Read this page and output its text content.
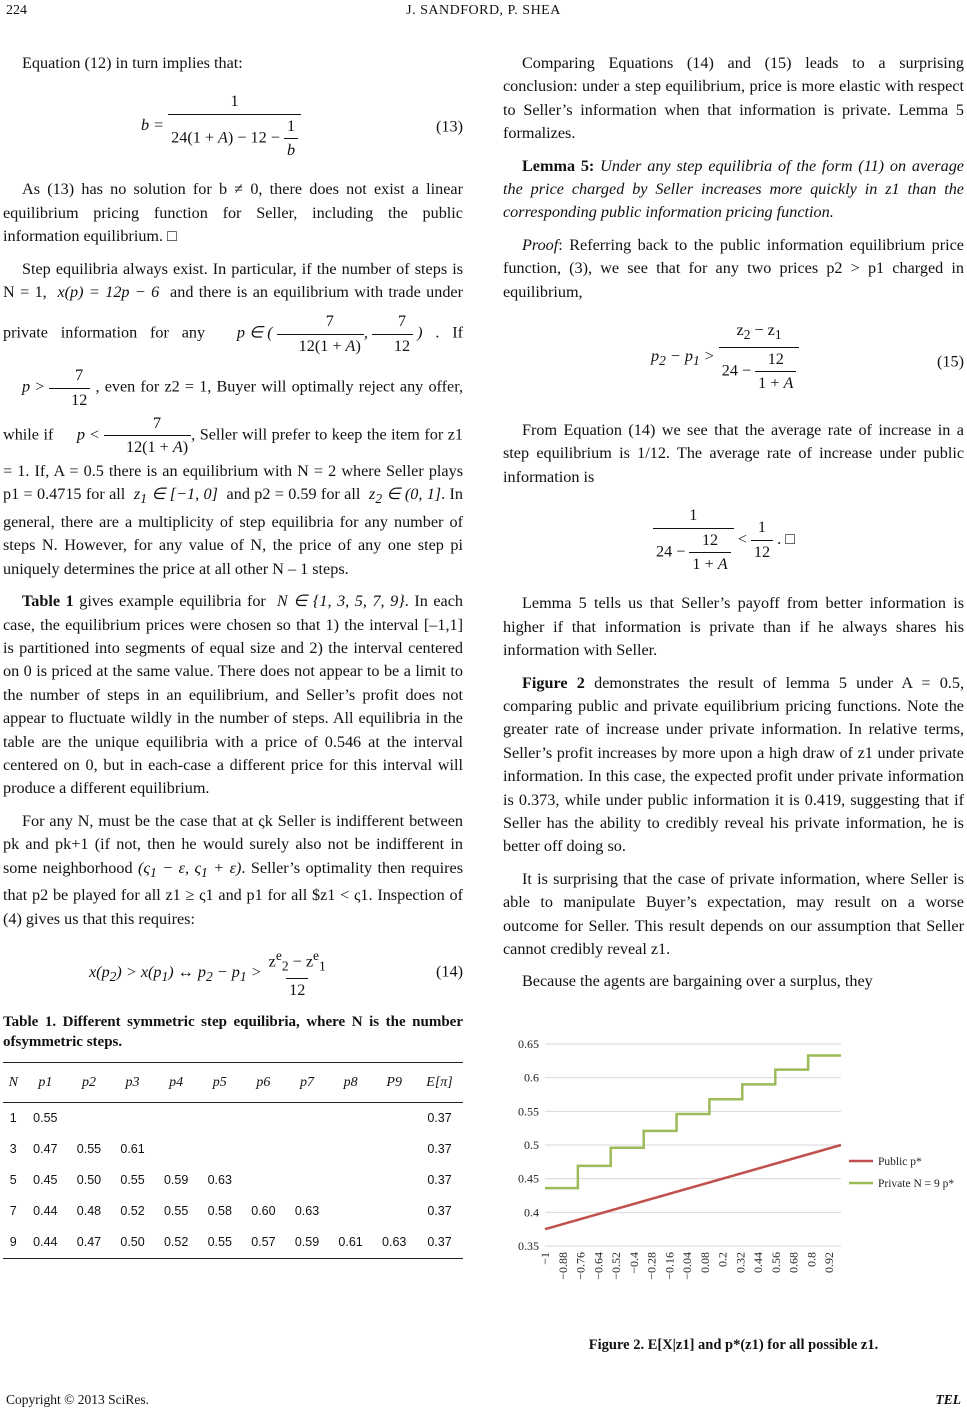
224	J. SANDFORD, P. SHEA

Equation (12) in turn implies that:

$b = \frac{1}{24(1 + A) - 12 - \frac{1}{b}}$	(13)

As (13) has no solution for b ≠ 0, there does not exist a linear equilibrium pricing function for Seller, including the public information equilibrium. □

Step equilibria always exist. In particular, if the number of steps is N = 1,  x(p) = 12p − 6  and there is an equilibrium with trade under private information for any p ∈ ( $\frac{7}{12(1 + A)}$ , $\frac{7}{12}$ ) . If $p > \frac{7}{12}$ , even for z2 = 1, Buyer will optimally reject any offer, while if $p < \frac{7}{12(1 + A)}$ , Seller will prefer to keep the item for z1 = 1. If, A = 0.5 there is an equilibrium with N = 2 where Seller plays p1 = 0.4715 for all  $z_1$ ∈ [−1, 0]  and p2 = 0.59 for all  $z_2$ ∈ (0, 1]. In general, there are a multiplicity of step equilibria for any number of steps N. However, for any value of N, the price of any one step pi uniquely determines the price at all other N – 1 steps.

Table 1 gives example equilibria for  N ∈ {1, 3, 5, 7, 9}. In each case, the equilibrium prices were chosen so that 1) the interval [–1,1] is partitioned into segments of equal size and 2) the interval centered on 0 is priced at the same value. There does not appear to be a limit to the number of steps in an equilibrium, and Seller’s profit does not appear to fluctuate wildly in the number of steps. All equilibria in the table are the unique equilibria with a price of 0.546 at the interval centered on 0, but in each-case a different price for this interval will produce a different equilibrium.

For any N, must be the case that at ςk Seller is indifferent between pk and pk+1 (if not, then he would surely also not be indifferent in some neighborhood ($\varsigma_1 - \varepsilon$, $\varsigma_1 + \varepsilon$). Seller’s optimality then requires that p2 be played for all z1 ≥ ς1 and p1 for all $z1 < ς1. Inspection of (4) gives us that this requires:

$x(p_2) > x(p_1)$ ↔ $p_2 - p_1 > \frac{z^e_2 - z^e_1}{12}$	(14)

Table 1. Different symmetric step equilibria, where N is the number ofsymmetric steps.

N	p1	p2	p3	p4	p5	p6	p7	p8	P9	E[π]
1	0.55									0.37
3	0.47	0.55	0.61							0.37
5	0.45	0.50	0.55	0.59	0.63					0.37
7	0.44	0.48	0.52	0.55	0.58	0.60	0.63			0.37
9	0.44	0.47	0.50	0.52	0.55	0.57	0.59	0.61	0.63	0.37

Comparing Equations (14) and (15) leads to a surprising conclusion: under a step equilibrium, price is more elastic with respect to Seller’s information when that information is private. Lemma 5 formalizes.

Lemma 5: Under any step equilibria of the form (11) on average the price charged by Seller increases more quickly in z1 than the corresponding public information pricing function.

Proof: Referring back to the public information equilibrium price function, (3), we see that for any two prices p2 > p1 charged in equilibrium,

$p_2 - p_1 > \frac{z_2 - z_1}{24 - \frac{12}{1 + A}}$	(15)

From Equation (14) we see that the average rate of increase in a step equilibrium is 1/12. The average rate of increase under public information is

$\frac{1}{24 - \frac{12}{1 + A}} < \frac{1}{12}$ . □

Lemma 5 tells us that Seller’s payoff from better information is higher if that information is private than if he always shares his information with Seller.

Figure 2 demonstrates the result of lemma 5 under A = 0.5, comparing public and private equilibrium pricing functions. Note the greater rate of increase under private information. In relative terms, Seller’s profit increases by more upon a high draw of z1 under private information. In this case, the expected profit under private information is 0.373, while under public information it is 0.419, suggesting that if Seller has the ability to credibly reveal his private information, he is better off doing so.

It is surprising that the case of private information, where Seller is able to manipulate Buyer’s expectation, may result on a worse outcome for Seller. This result depends on our assumption that Seller cannot credibly reveal z1.

Because the agents are bargaining over a surplus, they

0.35
0.4
0.45
0.5
0.55
0.6
0.65
−1 −0.88 −0.76 −0.64 −0.52 −0.4 −0.28 −0.16 −0.04 0.08 0.2 0.32 0.44 0.56 0.68 0.8 0.92
Public p*
Private N = 9 p*
Figure 2. E[X|z1] and p*(z1) for all possible z1.
Copyright © 2013 SciRes.	TEL
